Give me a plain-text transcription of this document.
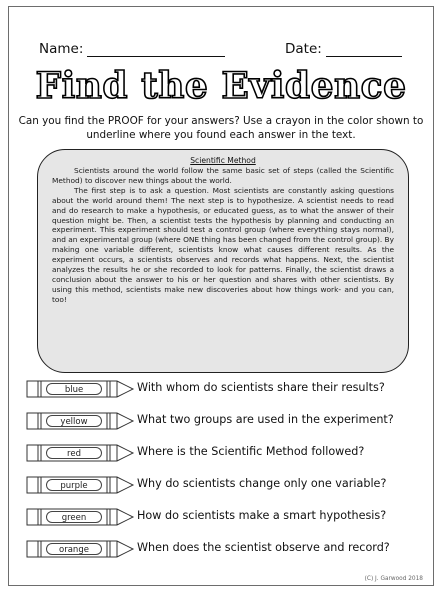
Name:	Date:
Find the Evidence
Can you find the PROOF for your answers? Use a crayon in the color shown to underline where you found each answer in the text.
Scientific Method

Scientists around the world follow the same basic set of steps (called the Scientific Method) to discover new things about the world.

The first step is to ask a question. Most scientists are constantly asking questions about the world around them! The next step is to hypothesize. A scientist needs to read and do research to make a hypothesis, or educated guess, as to what the answer of their question might be. Then, a scientist tests the hypothesis by planning and conducting an experiment. This experiment should test a control group (where everything stays normal), and an experimental group (where ONE thing has been changed from the control group). By making one variable different, scientists know what causes different results. As the experiment occurs, a scientists observes and records what happens. Next, the scientist analyzes the results he or she recorded to look for patterns. Finally, the scientist draws a conclusion about the answer to his or her question and shares with other scientists. By using this method, scientists make new discoveries about how things work- and you can, too!

blue	With whom do scientists share their results?
yellow	What two groups are used in the experiment?
red	Where is the Scientific Method followed?
purple	Why do scientists change only one variable?
green	How do scientists make a smart hypothesis?
orange	When does the scientist observe and record?
(C) J. Garwood 2018
